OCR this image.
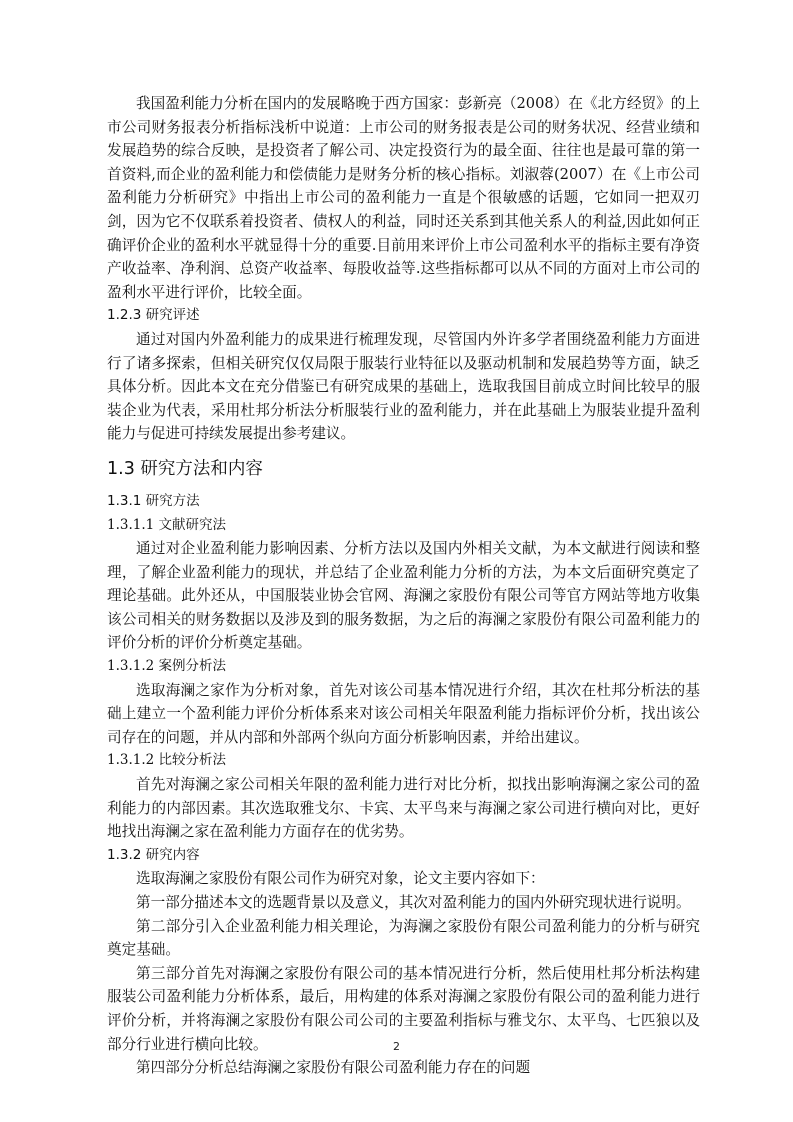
我国盈利能力分析在国内的发展略晚于西方国家：彭新亮（2008）在《北方经贸》的上市公司财务报表分析指标浅析中说道：上市公司的财务报表是公司的财务状况、经营业绩和发展趋势的综合反映，是投资者了解公司、决定投资行为的最全面、往往也是最可靠的第一首资料,而企业的盈利能力和偿债能力是财务分析的核心指标。刘淑蓉(2007）在《上市公司盈利能力分析研究》中指出上市公司的盈利能力一直是个很敏感的话题，它如同一把双刃剑，因为它不仅联系着投资者、债权人的利益，同时还关系到其他关系人的利益,因此如何正确评价企业的盈利水平就显得十分的重要.目前用来评价上市公司盈利水平的指标主要有净资产收益率、净利润、总资产收益率、每股收益等.这些指标都可以从不同的方面对上市公司的盈利水平进行评价，比较全面。

1.2.3 研究评述

通过对国内外盈利能力的成果进行梳理发现，尽管国内外许多学者围绕盈利能力方面进行了诸多探索，但相关研究仅仅局限于服装行业特征以及驱动机制和发展趋势等方面，缺乏具体分析。因此本文在充分借鉴已有研究成果的基础上，选取我国目前成立时间比较早的服装企业为代表，采用杜邦分析法分析服装行业的盈利能力，并在此基础上为服装业提升盈利能力与促进可持续发展提出参考建议。

1.3 研究方法和内容
1.3.1 研究方法
1.3.1.1 文献研究法

通过对企业盈利能力影响因素、分析方法以及国内外相关文献，为本文献进行阅读和整理，了解企业盈利能力的现状，并总结了企业盈利能力分析的方法，为本文后面研究奠定了理论基础。此外还从，中国服装业协会官网、海澜之家股份有限公司等官方网站等地方收集该公司相关的财务数据以及涉及到的服务数据，为之后的海澜之家股份有限公司盈利能力的评价分析的评价分析奠定基础。

1.3.1.2 案例分析法

选取海澜之家作为分析对象，首先对该公司基本情况进行介绍，其次在杜邦分析法的基础上建立一个盈利能力评价分析体系来对该公司相关年限盈利能力指标评价分析，找出该公司存在的问题，并从内部和外部两个纵向方面分析影响因素，并给出建议。

1.3.1.2 比较分析法

首先对海澜之家公司相关年限的盈利能力进行对比分析，拟找出影响海澜之家公司的盈利能力的内部因素。其次选取雅戈尔、卡宾、太平鸟来与海澜之家公司进行横向对比，更好地找出海澜之家在盈利能力方面存在的优劣势。

1.3.2 研究内容

选取海澜之家股份有限公司作为研究对象，论文主要内容如下：

第一部分描述本文的选题背景以及意义，其次对盈利能力的国内外研究现状进行说明。

第二部分引入企业盈利能力相关理论，为海澜之家股份有限公司盈利能力的分析与研究奠定基础。

第三部分首先对海澜之家股份有限公司的基本情况进行分析，然后使用杜邦分析法构建服装公司盈利能力分析体系，最后，用构建的体系对海澜之家股份有限公司的盈利能力进行评价分析，并将海澜之家股份有限公司公司的主要盈利指标与雅戈尔、太平鸟、七匹狼以及部分行业进行横向比较。

第四部分分析总结海澜之家股份有限公司盈利能力存在的问题

2
